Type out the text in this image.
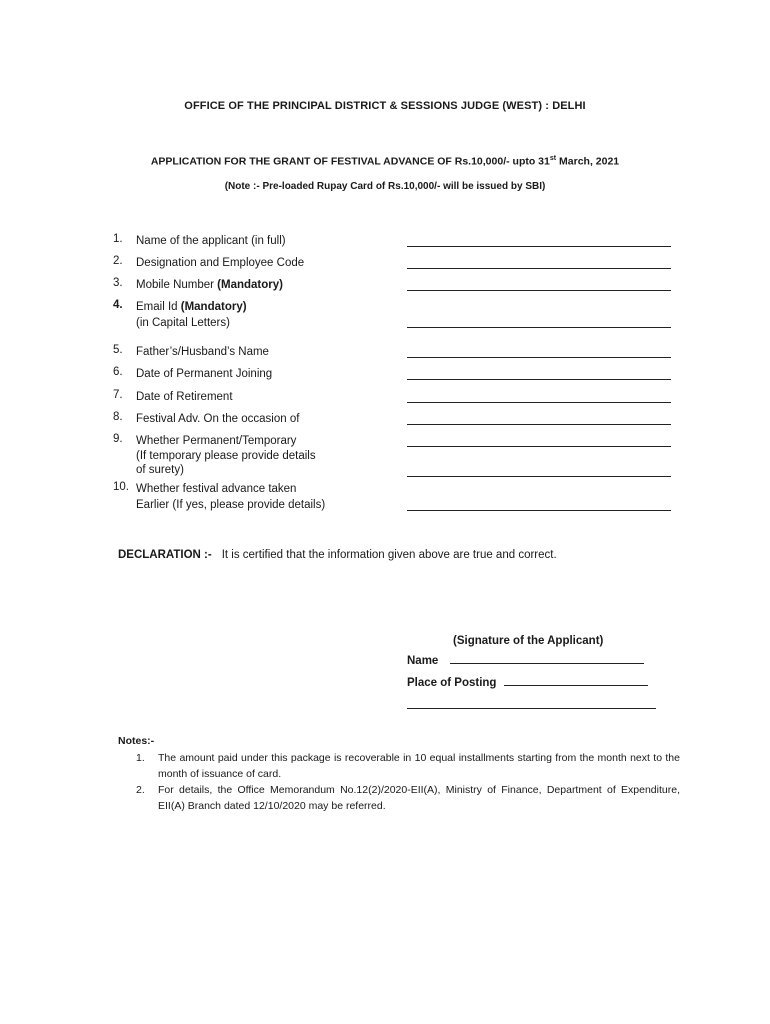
OFFICE OF THE PRINCIPAL DISTRICT & SESSIONS JUDGE (WEST) : DELHI
APPLICATION FOR THE GRANT OF FESTIVAL ADVANCE OF Rs.10,000/- upto 31st March, 2021
(Note :- Pre-loaded Rupay Card of Rs.10,000/- will be issued by SBI)
1. Name of the applicant (in full)
2. Designation and Employee Code
3. Mobile Number (Mandatory)
4. Email Id (Mandatory)
(in Capital Letters)
5. Father’s/Husband’s Name
6. Date of Permanent Joining
7. Date of Retirement
8. Festival Adv. On the occasion of
9. Whether Permanent/Temporary
(If temporary please provide details
of surety)
10. Whether festival advance taken
Earlier (If yes, please provide details)
DECLARATION :- It is certified that the information given above are true and correct.
(Signature of the Applicant)
Name
Place of Posting
Notes:-
1. The amount paid under this package is recoverable in 10 equal installments starting from the month next to the month of issuance of card.
2. For details, the Office Memorandum No.12(2)/2020-EII(A), Ministry of Finance, Department of Expenditure, EII(A) Branch dated 12/10/2020 may be referred.
